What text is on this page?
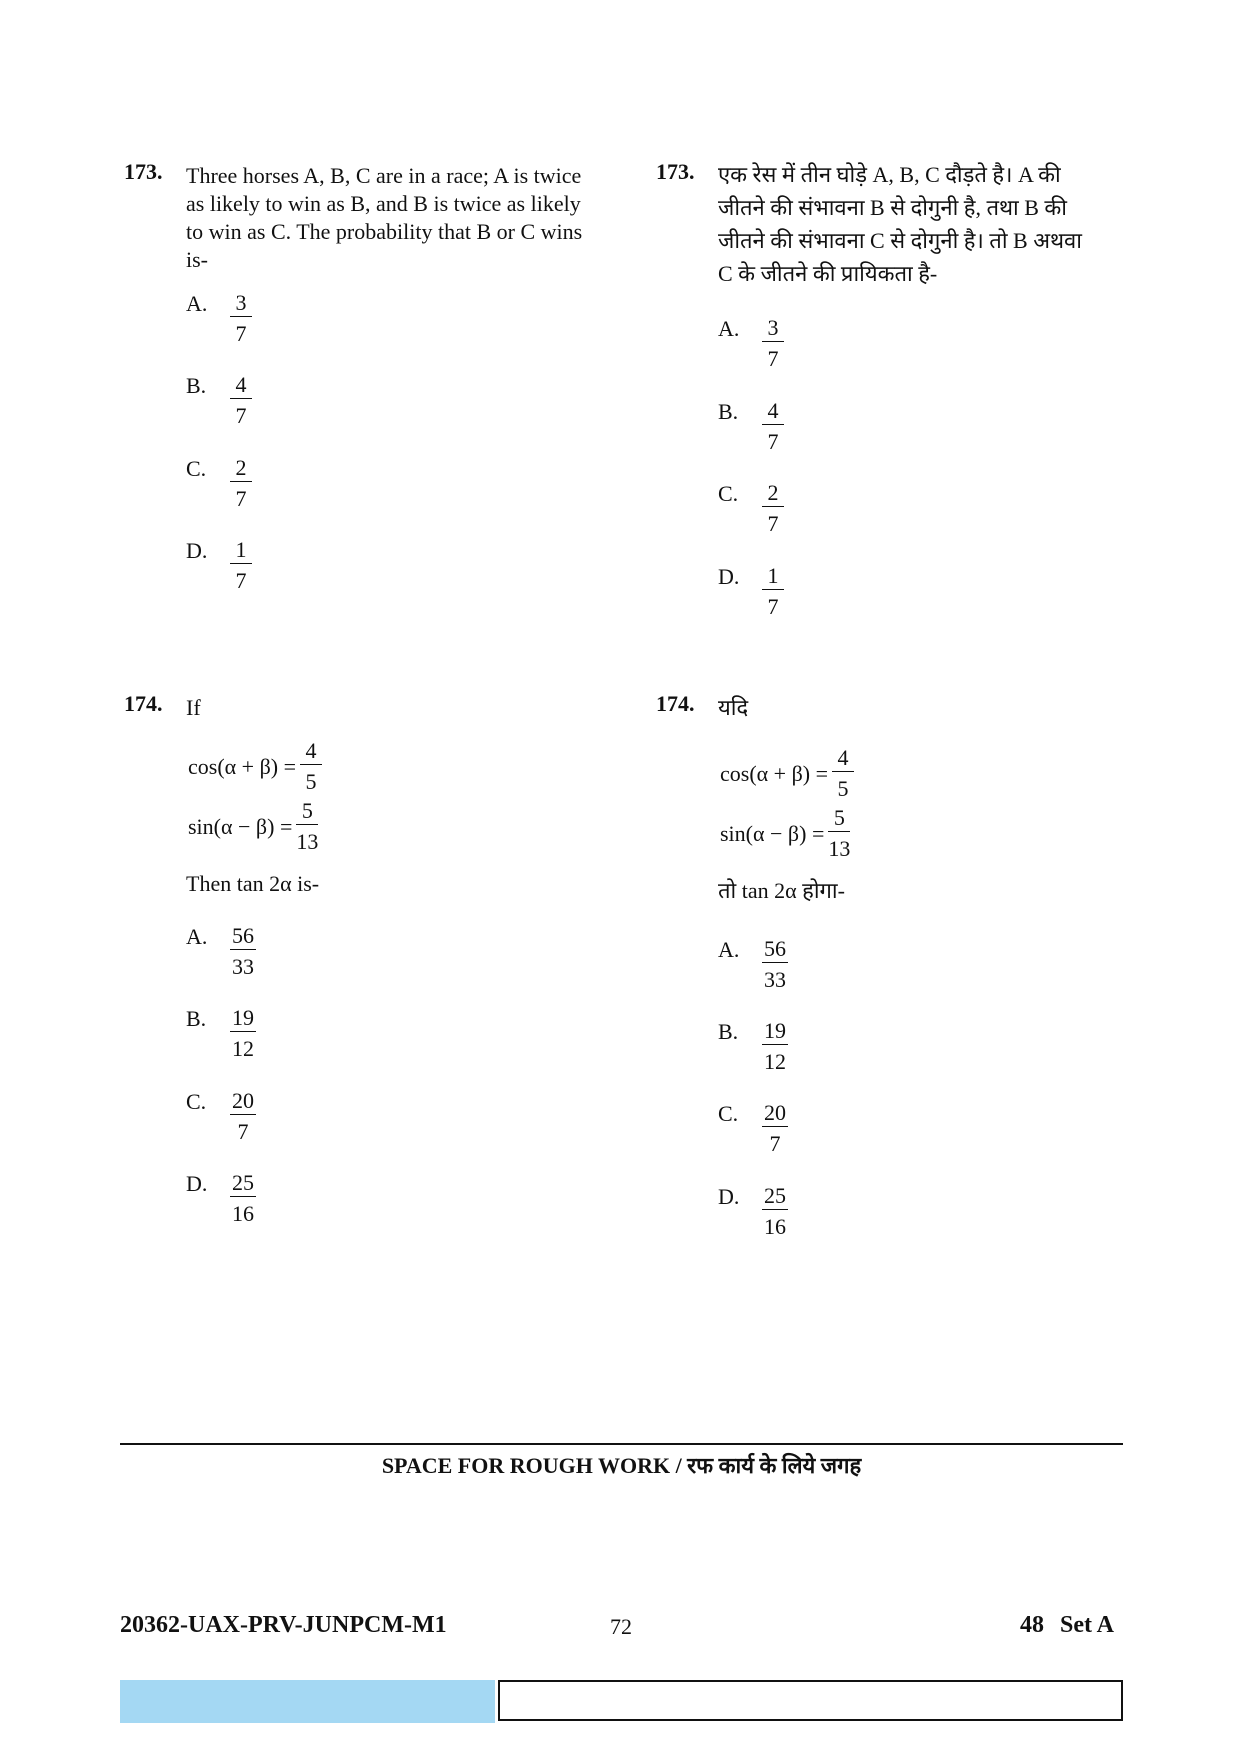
173. Three horses A, B, C are in a race; A is twice as likely to win as B, and B is twice as likely to win as C. The probability that B or C wins is-
A. $\frac{3}{7}$
B. $\frac{4}{7}$
C. $\frac{2}{7}$
D. $\frac{1}{7}$
174. If
$\cos(\alpha + \beta) = \frac{4}{5}$
$\sin(\alpha - \beta) = \frac{5}{13}$
Then tan 2α is-
A. $\frac{56}{33}$
B. $\frac{19}{12}$
C. $\frac{20}{7}$
D. $\frac{25}{16}$
173. एक रेस में तीन घोड़े A, B, C दौड़ते है। A की जीतने की संभावना B से दोगुनी है, तथा B की जीतने की संभावना C से दोगुनी है। तो B अथवा C के जीतने की प्रायिकता है-
A. $\frac{3}{7}$
B. $\frac{4}{7}$
C. $\frac{2}{7}$
D. $\frac{1}{7}$
174. यदि
$\cos(\alpha + \beta) = \frac{4}{5}$
$\sin(\alpha - \beta) = \frac{5}{13}$
तो tan 2α होगा-
A. $\frac{56}{33}$
B. $\frac{19}{12}$
C. $\frac{20}{7}$
D. $\frac{25}{16}$
SPACE FOR ROUGH WORK / रफ कार्य के लिये जगह
20362-UAX-PRV-JUNPCM-M1	72	48 Set A
